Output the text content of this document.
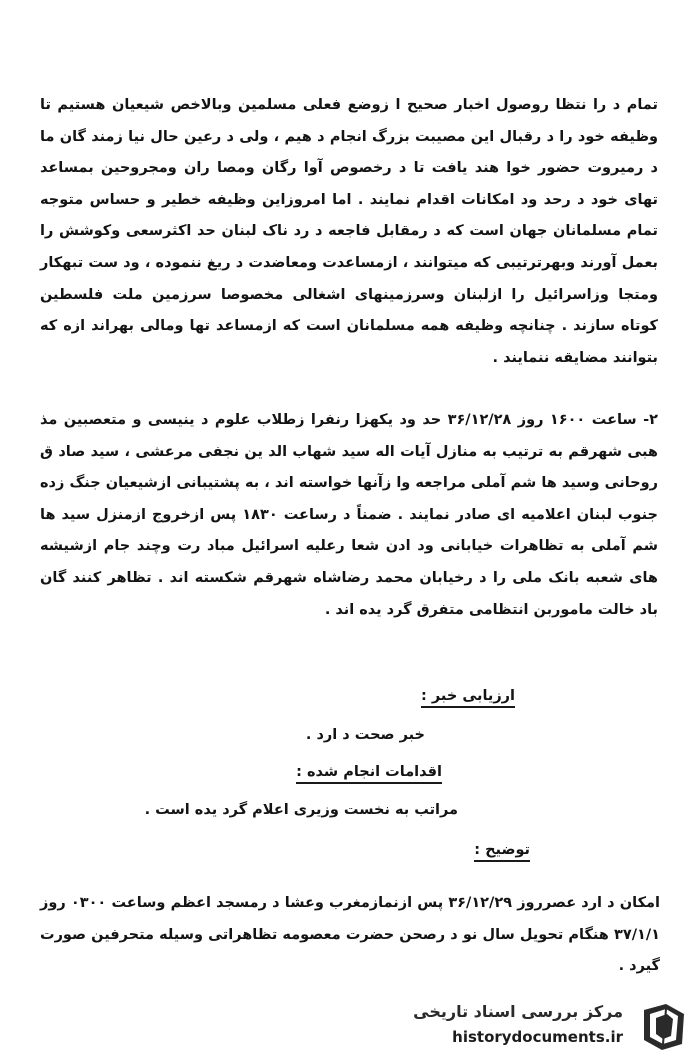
تمام د را نتظا روصول اخبار صحیح ا زوضع فعلی مسلمین وبالاخص شیعیان هستیم تا وظیفه خود را د رقبال این مصیبت بزرگ انجام د هیم ، ولی د رعین حال نیا زمند گان ما د رمیروت حضور خوا هند یافت تا د رخصوص آوا رگان ومصا ران ومجروحین بمساعد تهای خود د رحد ود امکانات اقدام نمایند . اما امروزاین وظیفه خطیر و حساس متوجه تمام مسلمانان جهان است که د رمقابل فاجعه د رد ناک لبنان حد اکثرسعی وکوشش را بعمل آورند وبهرترتیبی که میتوانند ، ازمساعدت ومعاضدت د ریغ ننموده ، ود ست تبهکار ومتجا وزاسرائیل را ازلبنان وسرزمینهای اشغالی مخصوصا سرزمین ملت فلسطین کوتاه سازند . چنانچه وظیفه همه مسلمانان است که ازمساعد تها ومالی بهراند ازه که بتوانند مضایقه ننمایند .
۲- ساعت ۱۶۰۰ روز ۳۶/۱۲/۲۸ حد ود یکهزا رنفرا زطلاب علوم د ینیسی و متعصبین مذ هبی شهرقم به ترتیب به منازل آیات اله سید شهاب الد ین نجفی مرعشی ، سید صاد ق روحانی وسید ها شم آملی مراجعه وا زآنها خواسته اند ، به پشتیبانی ازشیعیان جنگ زده جنوب لبنان اعلامیه ای صادر نمایند . ضمناً د رساعت ۱۸۳۰ پس ازخروج ازمنزل سید ها شم آملی به تظاهرات خیابانی ود ادن شعا رعلیه اسرائیل مباد رت وچند جام ازشیشه های شعبه بانک ملی را د رخیابان محمد رضاشاه شهرقم شکسته اند . تظاهر کنند گان باد خالت ماموربن انتظامی متفرق گرد یده اند .
ارزیابی خبر :
خبر صحت د ارد .
اقدامات انجام شده :
مراتب به نخست وزیری اعلام گرد یده است .
توضیح :
امکان د ارد عصرروز ۳۶/۱۲/۲۹ پس ازنمازمغرب وعشا د رمسجد اعظم وساعت ۰۳۰۰ روز ۳۷/۱/۱ هنگام تحویل سال نو د رصحن حضرت معصومه تظاهراتی وسیله متحرفین صورت گیرد .
مرکز بررسی اسناد تاریخی
historydocuments.ir
